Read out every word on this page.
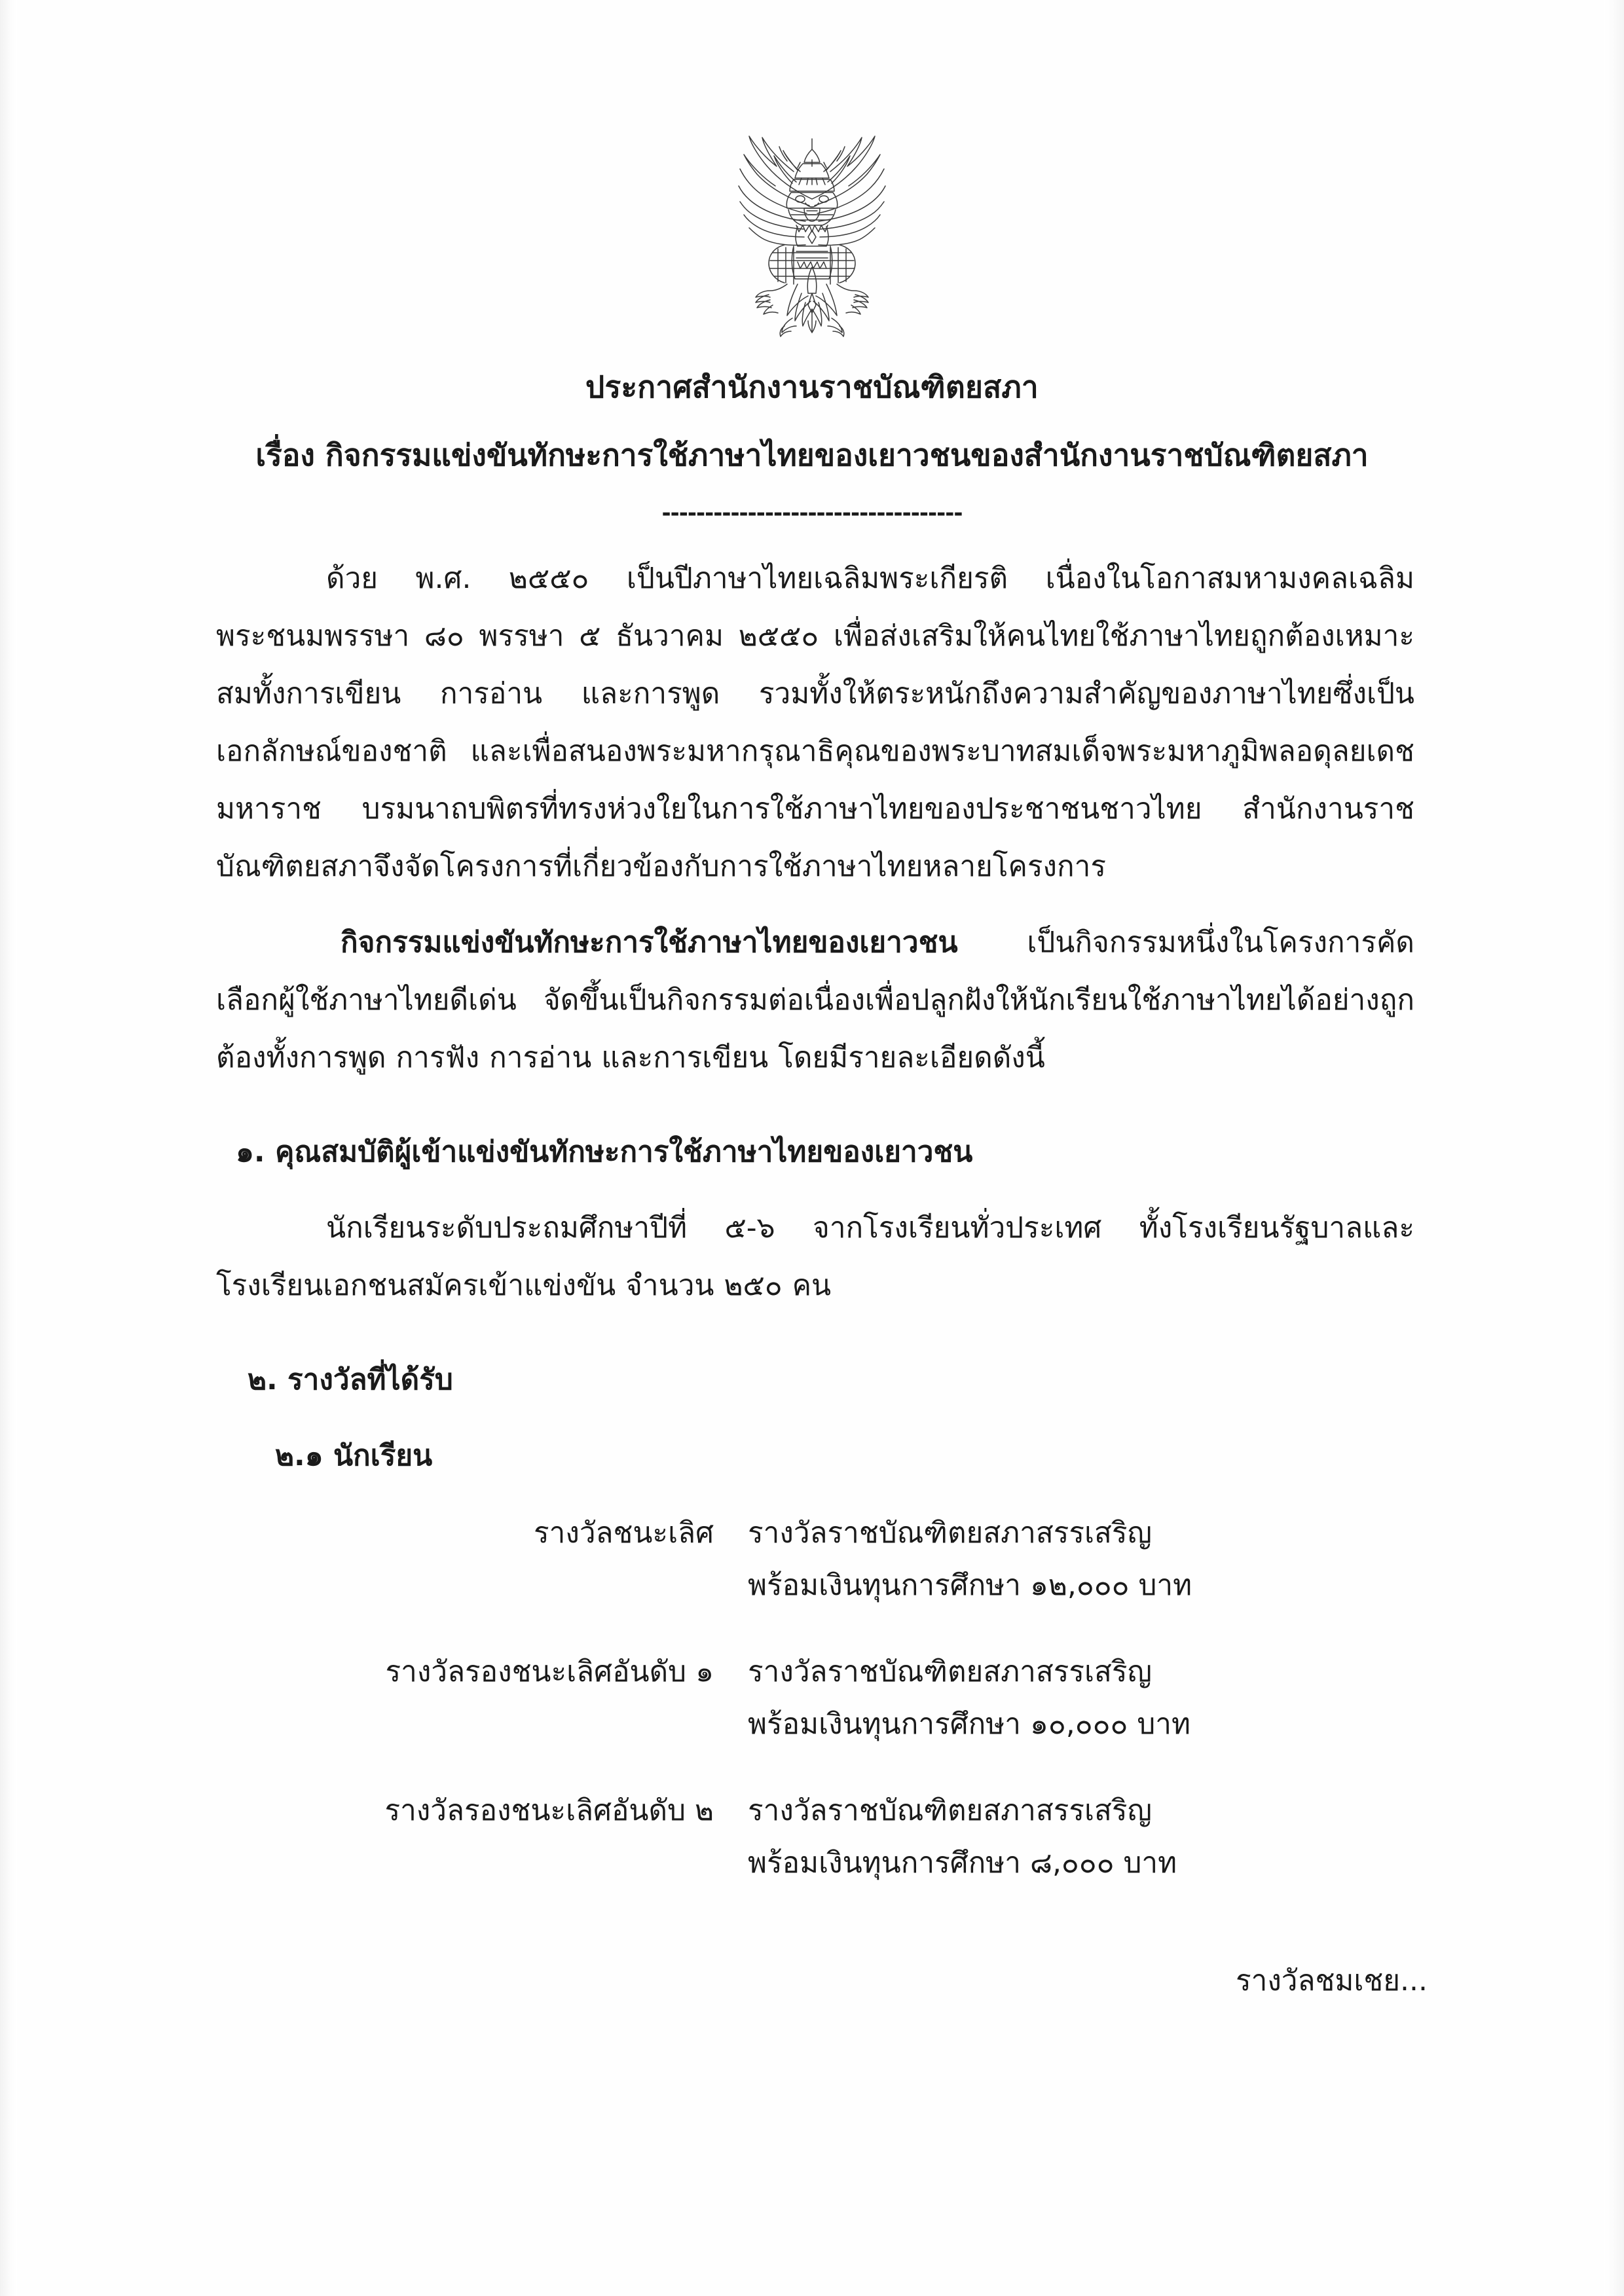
ประกาศสำนักงานราชบัณฑิตยสภา
เรื่อง กิจกรรมแข่งขันทักษะการใช้ภาษาไทยของเยาวชนของสำนักงานราชบัณฑิตยสภา
-----------------------------------

ด้วย พ.ศ. ๒๕๕๐ เป็นปีภาษาไทยเฉลิมพระเกียรติ เนื่องในโอกาสมหามงคลเฉลิมพระชนมพรรษา ๘๐ พรรษา ๕ ธันวาคม ๒๕๕๐ เพื่อส่งเสริมให้คนไทยใช้ภาษาไทยถูกต้องเหมาะสมทั้งการเขียน การอ่าน และการพูด รวมทั้งให้ตระหนักถึงความสำคัญของภาษาไทยซึ่งเป็นเอกลักษณ์ของชาติ และเพื่อสนองพระมหากรุณาธิคุณของพระบาทสมเด็จพระมหาภูมิพลอดุลยเดชมหาราช บรมนาถบพิตรที่ทรงห่วงใยในการใช้ภาษาไทยของประชาชนชาวไทย สำนักงานราชบัณฑิตยสภาจึงจัดโครงการที่เกี่ยวข้องกับการใช้ภาษาไทยหลายโครงการ

กิจกรรมแข่งขันทักษะการใช้ภาษาไทยของเยาวชน เป็นกิจกรรมหนึ่งในโครงการคัดเลือกผู้ใช้ภาษาไทยดีเด่น จัดขึ้นเป็นกิจกรรมต่อเนื่องเพื่อปลูกฝังให้นักเรียนใช้ภาษาไทยได้อย่างถูกต้องทั้งการพูด การฟัง การอ่าน และการเขียน โดยมีรายละเอียดดังนี้

๑. คุณสมบัติผู้เข้าแข่งขันทักษะการใช้ภาษาไทยของเยาวชน

นักเรียนระดับประถมศึกษาปีที่ ๕-๖ จากโรงเรียนทั่วประเทศ ทั้งโรงเรียนรัฐบาลและโรงเรียนเอกชนสมัครเข้าแข่งขัน จำนวน ๒๕๐ คน

๒. รางวัลที่ได้รับ
๒.๑ นักเรียน
รางวัลชนะเลิศ	รางวัลราชบัณฑิตยสภาสรรเสริญ
พร้อมเงินทุนการศึกษา ๑๒,๐๐๐ บาท

รางวัลรองชนะเลิศอันดับ ๑	รางวัลราชบัณฑิตยสภาสรรเสริญ
พร้อมเงินทุนการศึกษา ๑๐,๐๐๐ บาท

รางวัลรองชนะเลิศอันดับ ๒	รางวัลราชบัณฑิตยสภาสรรเสริญ
พร้อมเงินทุนการศึกษา ๘,๐๐๐ บาท
รางวัลชมเชย...
